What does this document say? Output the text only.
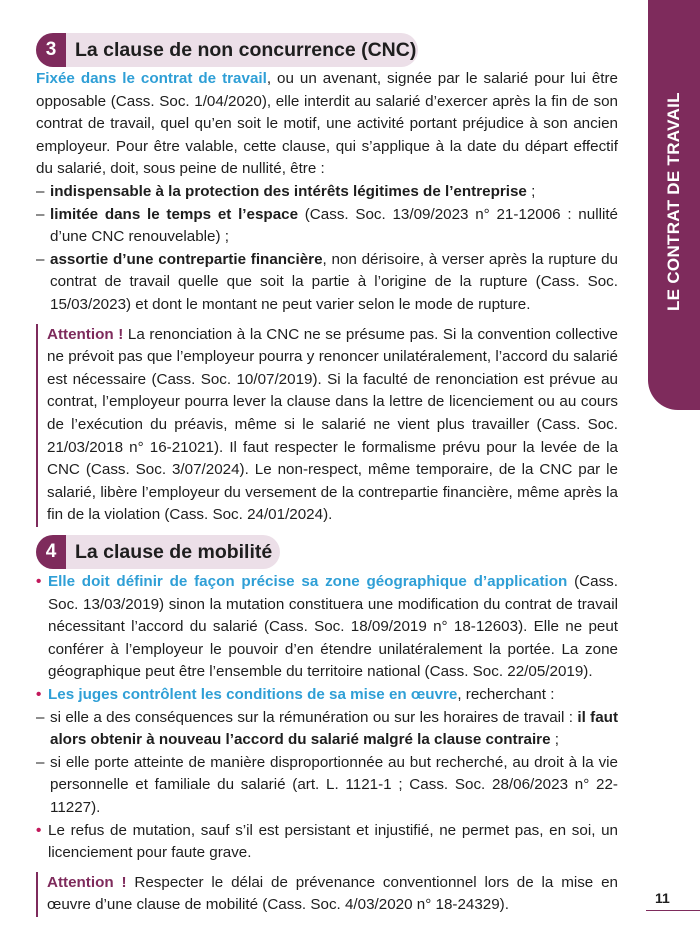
LE CONTRAT DE TRAVAIL
3 La clause de non concurrence (CNC)

Fixée dans le contrat de travail, ou un avenant, signée par le salarié pour lui être opposable (Cass. Soc. 1/04/2020), elle interdit au salarié d’exercer après la fin de son contrat de travail, quel qu’en soit le motif, une activité portant préjudice à son ancien employeur. Pour être valable, cette clause, qui s’applique à la date du départ effectif du salarié, doit, sous peine de nullité, être :

– indispensable à la protection des intérêts légitimes de l’entreprise ;
– limitée dans le temps et l’espace (Cass. Soc. 13/09/2023 n° 21-12006 : nullité d’une CNC renouvelable) ;
– assortie d’une contrepartie financière, non dérisoire, à verser après la rupture du contrat de travail quelle que soit la partie à l’origine de la rupture (Cass. Soc. 15/03/2023) et dont le montant ne peut varier selon le mode de rupture.
Attention ! La renonciation à la CNC ne se présume pas. Si la convention collective ne prévoit pas que l’employeur pourra y renoncer unilatéralement, l’accord du salarié est nécessaire (Cass. Soc. 10/07/2019). Si la faculté de renonciation est prévue au contrat, l’employeur pourra lever la clause dans la lettre de licenciement ou au cours de l’exécution du préavis, même si le salarié ne vient plus travailler (Cass. Soc. 21/03/2018 n° 16-21021). Il faut respecter le formalisme prévu pour la levée de la CNC (Cass. Soc. 3/07/2024). Le non-respect, même temporaire, de la CNC par le salarié, libère l’employeur du versement de la contrepartie financière, même après la fin de la violation (Cass. Soc. 24/01/2024).
4 La clause de mobilité
• Elle doit définir de façon précise sa zone géographique d’application (Cass. Soc. 13/03/2019) sinon la mutation constituera une modification du contrat de travail nécessitant l’accord du salarié (Cass. Soc. 18/09/2019 n° 18-12603). Elle ne peut conférer à l’employeur le pouvoir d’en étendre unilatéralement la portée. La zone géographique peut être l’ensemble du territoire national (Cass. Soc. 22/05/2019).
• Les juges contrôlent les conditions de sa mise en œuvre, recherchant :
– si elle a des conséquences sur la rémunération ou sur les horaires de travail : il faut alors obtenir à nouveau l’accord du salarié malgré la clause contraire ;
– si elle porte atteinte de manière disproportionnée au but recherché, au droit à la vie personnelle et familiale du salarié (art. L. 1121-1 ; Cass. Soc. 28/06/2023 n° 22-11227).
• Le refus de mutation, sauf s’il est persistant et injustifié, ne permet pas, en soi, un licenciement pour faute grave.
Attention ! Respecter le délai de prévenance conventionnel lors de la mise en œuvre d’une clause de mobilité (Cass. Soc. 4/03/2020 n° 18-24329).	11
